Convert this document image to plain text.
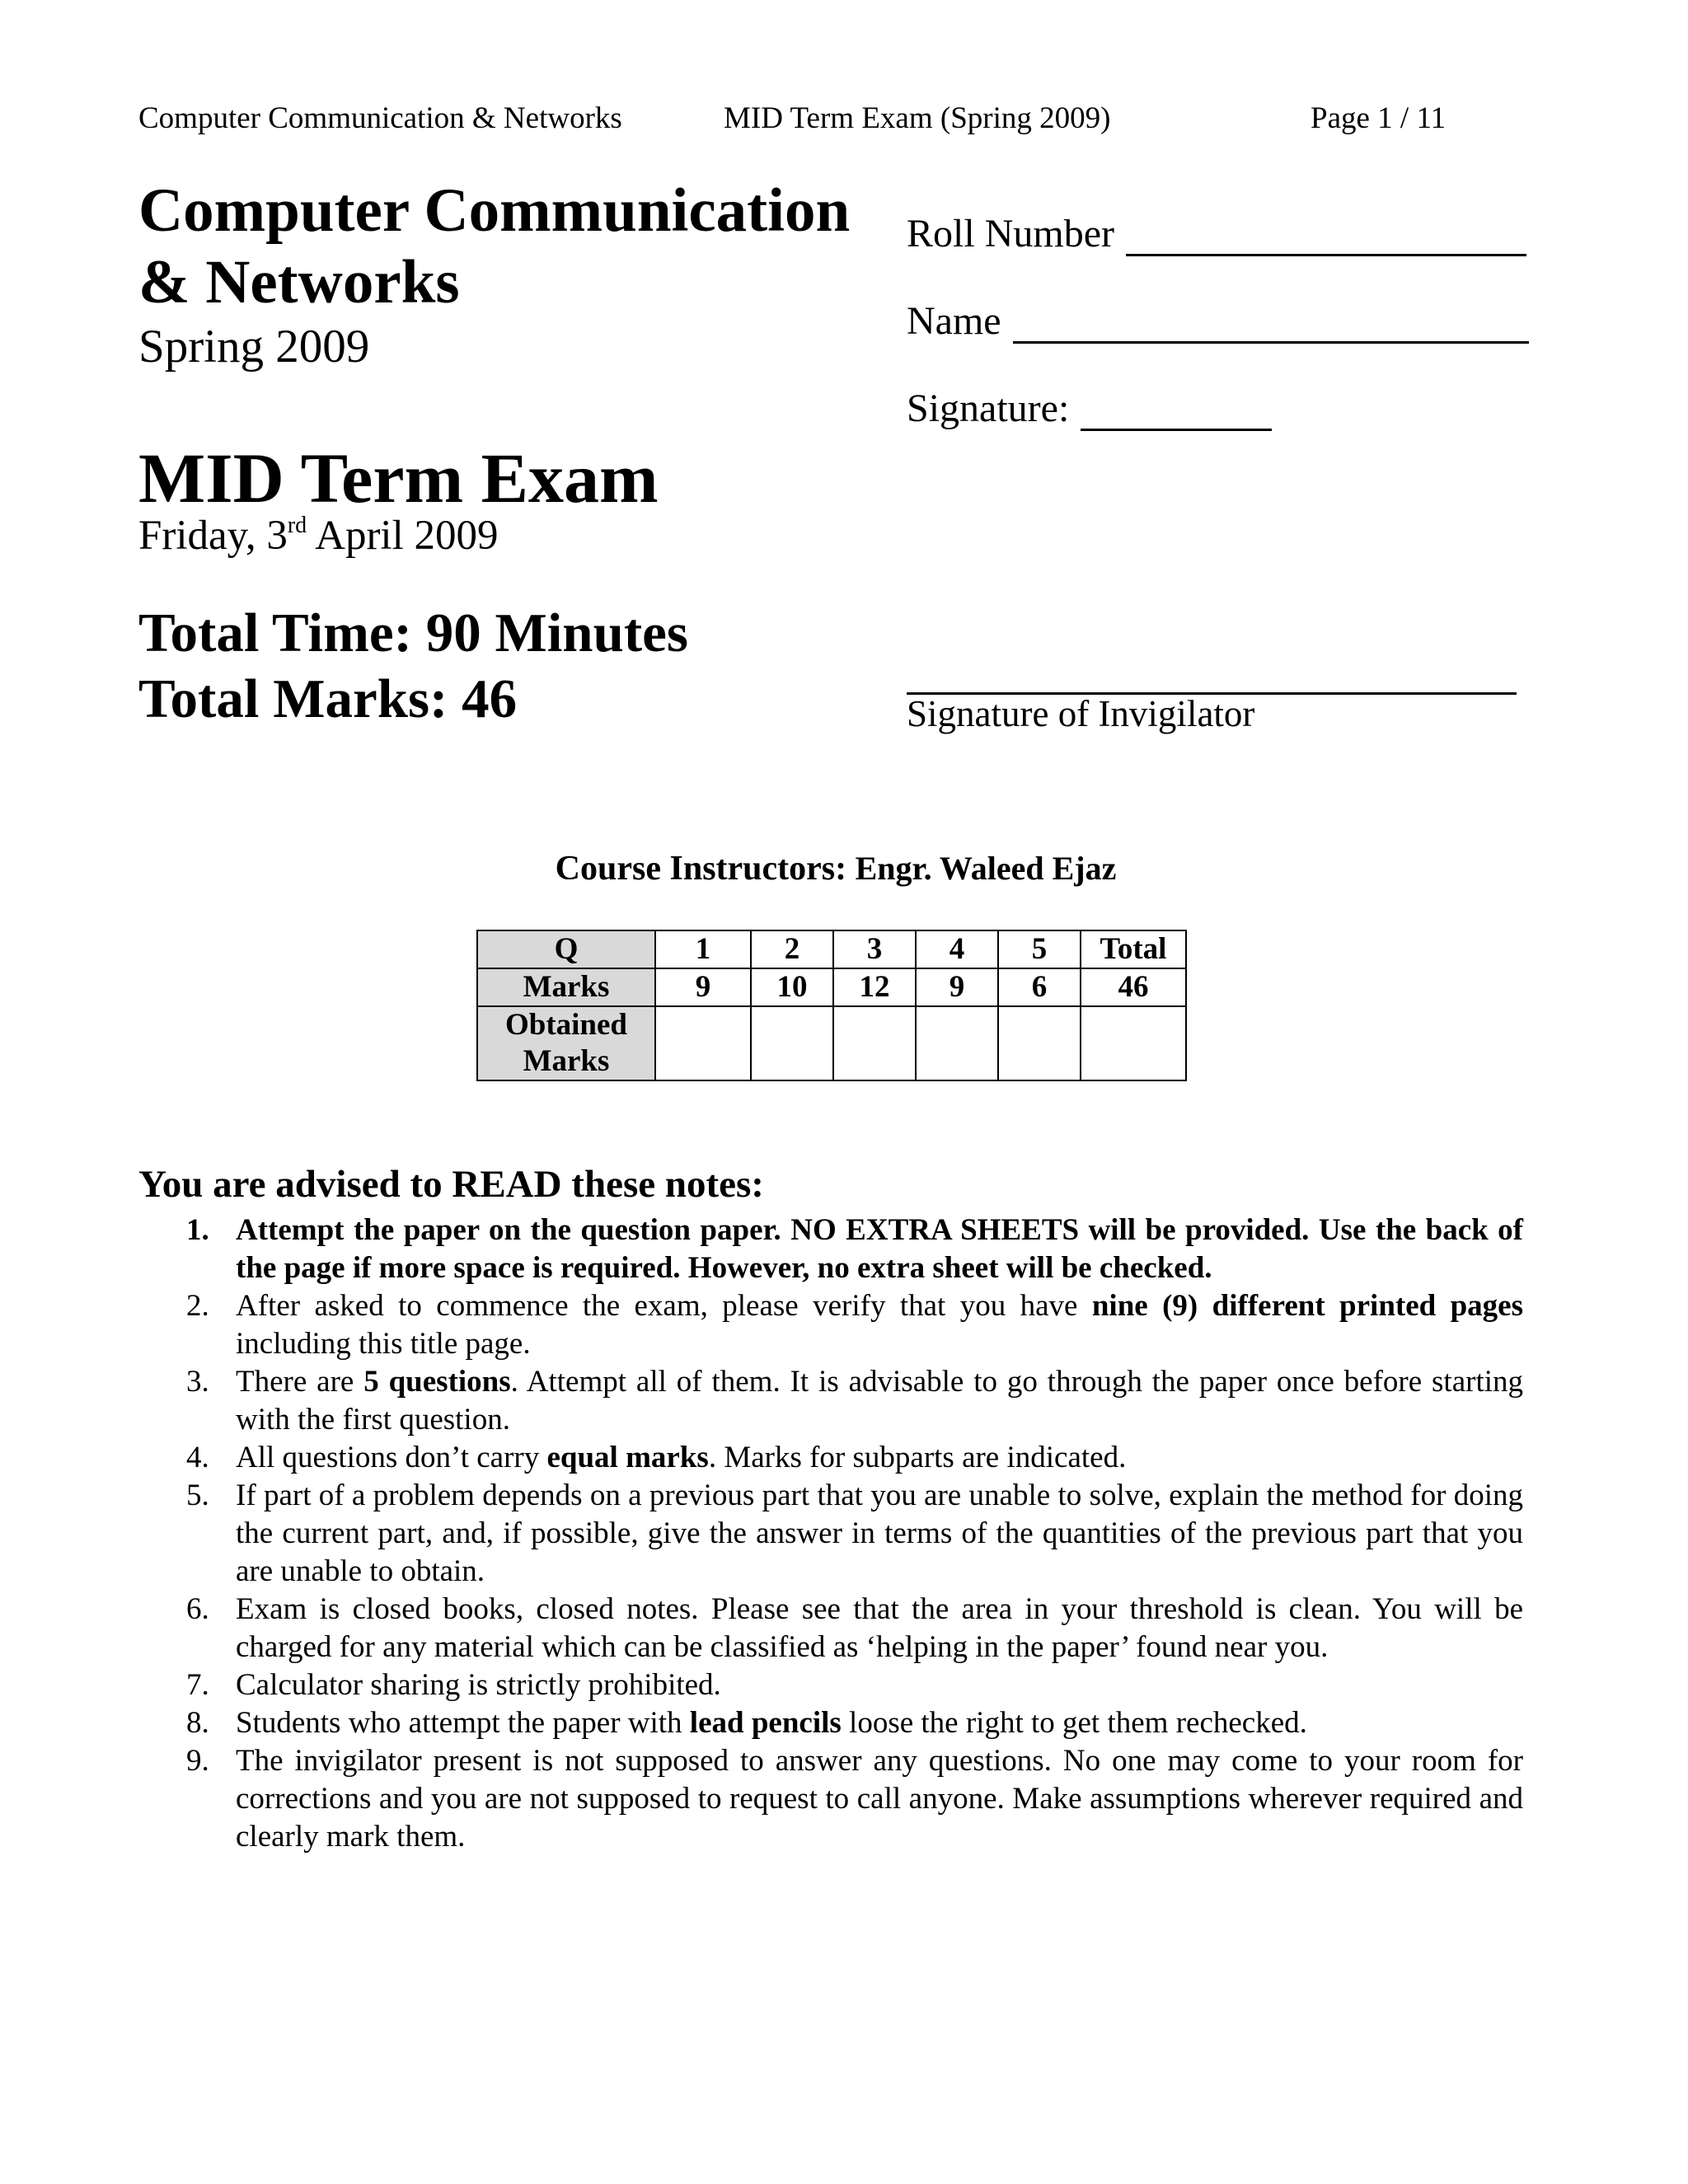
Computer Communication & Networks	MID Term Exam (Spring 2009)	Page 1 / 11
Computer Communication
& Networks
Spring 2009
MID Term Exam
Friday, 3rd April 2009
Total Time: 90 Minutes
Total Marks: 46
Roll Number
Name
Signature:
Signature of Invigilator
Course Instructors: Engr. Waleed Ejaz
Q	1	2	3	4	5	Total
Marks	9	10	12	9	6	46

Obtained
Marks						

You are advised to READ these notes:
1. Attempt the paper on the question paper. NO EXTRA SHEETS will be provided. Use the back of the page if more space is required. However, no extra sheet will be checked.
2. After asked to commence the exam, please verify that you have nine (9) different printed pages including this title page.
3. There are 5 questions. Attempt all of them. It is advisable to go through the paper once before starting with the first question.
4. All questions don’t carry equal marks. Marks for subparts are indicated.
5. If part of a problem depends on a previous part that you are unable to solve, explain the method for doing the current part, and, if possible, give the answer in terms of the quantities of the previous part that you are unable to obtain.
6. Exam is closed books, closed notes. Please see that the area in your threshold is clean. You will be charged for any material which can be classified as ‘helping in the paper’ found near you.
7. Calculator sharing is strictly prohibited.
8. Students who attempt the paper with lead pencils loose the right to get them rechecked.
9. The invigilator present is not supposed to answer any questions. No one may come to your room for corrections and you are not supposed to request to call anyone. Make assumptions wherever required and clearly mark them.
